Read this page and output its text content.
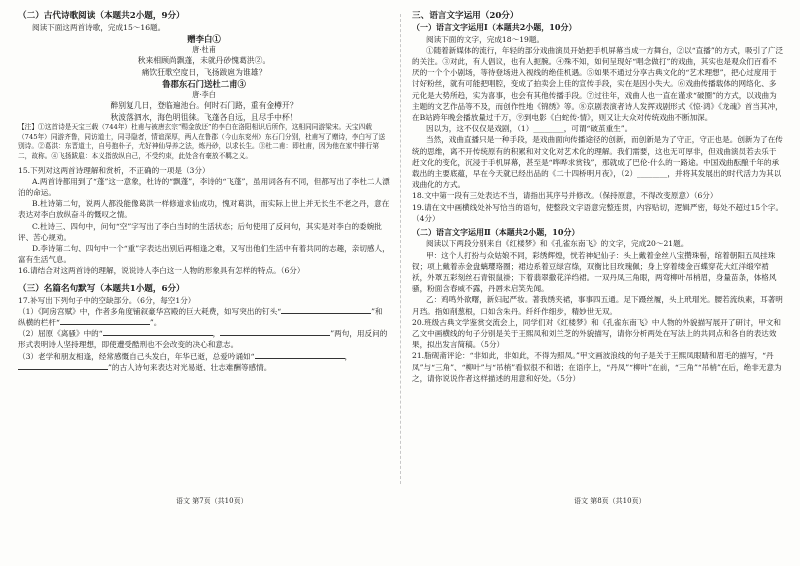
（二）古代诗歌阅读（本题共2小题，9分）
阅读下面这两首诗歌，完成15～16题。
赠李白①
唐·杜甫
秋来相顾尚飘蓬，未就丹砂愧葛洪②。
痛饮狂歌空度日，飞扬跋扈为谁雄？
鲁郡东石门送杜二甫③
唐·李白
醉别复几日，登临遍池台。何时石门路，重有金樽开？
秋波落泗水，海色明徂徕。飞蓬各自远，且尽手中杯！
【注】①这首诗是天宝三载（744年）杜甫与被唐玄宗“赐金放还”的李白在洛阳相识后所作，这相同同游梁宋。天宝四载（745年）同游齐鲁，同访道士，同寻隐者，情谊深厚，两人在鲁郡（今山东兖州）东石门分别，杜甫写了赠诗，李白写了送别诗。②葛洪：东晋道士，自号抱朴子，尤好神仙导养之法，炼丹砂，以求长生。③杜二甫：即杜甫，因为他在家中排行第二，故称。④飞扬跋扈：本义指放纵自己，不受约束，此处含有豪放不羁之义。
15.下列对这两首诗理解和赏析，不正确的一项是（3分）
A.两首诗都用到了“蓬”这一意象，杜诗的“飘蓬”，李诗的“飞蓬”，虽用词各有不同，但都写出了李杜二人漂泊的命运。
B.杜诗第二句，说两人都没能像葛洪一样修道求仙成功，愧对葛洪，而实际上世上并无长生不老之丹，意在表达对李白放纵奋斗的慨叹之情。
C.杜诗三、四句中，问句“空”字写出了李白当时的生活状态；后句使用了反问句，其实是对李白的委婉批评、苦心规劝。
D.李诗第二句、四句中一个“重”字表达出别后再相逢之难，又写出他们生活中有着共同的志趣，亲切感人，富有生活气息。
16.请结合对这两首诗的理解，说说诗人李白这一人物的形象具有怎样的特点。（6分）
（三）名篇名句默写（本题共1小题，6分）
17.补写出下列句子中的空缺部分。（6分，每空1分）
（1）《阿房宫赋》中，作者多角度铺叙豪华宫殿的巨大耗费，如写突出的钉头“	”和纵横的栏杆“	”。
（2）屈原《离骚》中的“	，	”两句，用反问的形式表明诗人坚持理想，即使遭受酷刑也不会改变的决心和意志。
（3）老学和朋友相逢，经常感慨自己头发白，年华已逝，总爱吟诵如“	，”的古人诗句来表达对光易逝、壮志难酬等感情。
三、语言文字运用（20分）
（一）语言文字运用Ⅰ（本题共2小题，10分）
阅读下面的文字，完成18～19题。
①随着新媒体的流行，年轻的部分戏曲演员开始把手机屏幕当成一方舞台，②以“直播”的方式，吸引了广泛的关注。③对此，有人倡议，也有人扼腕。④殊不知，如何呈现好“唱念做打”的戏曲，其实也是观众们百看不厌的一个个小剧场，等待登场进入视线的绝佳机遇。⑤如果不通过分享古典文化的“艺术理想”，把心过度用于讨好粉丝，就有可能把唱腔，变成了拍卖会上佳的宣传手段，实在是因小失大。⑥戏曲传播载体的网络化、多元化是大势所趋，实为喜事，也会有其他传播手段。⑦过往年，戏曲人也一直在谨求“破圈”的方式，以戏曲为主题的文艺作品等不及，而创作性地《锦绣》等。⑧京剧表演者诗人发挥戏剧形式《惊·鸿》《龙魂》首当其冲，在B站跨年晚会播放量过千万，⑨到电影《白蛇传·情》，则又让大众对传统戏曲不断加深。
因以为，这不仅仅是戏剧，（1）________，可谓“破茧重生”。
当然，戏曲直播只是一种手段，是戏曲面向传播途径的创新，而创新是为了守正，守正也是。创新为了在传统的思维，离不开传统原有的积累和对文化对艺术化的理解。我们需要，这也无可厚非，但戏曲演员若去乐于赶文化的变化，沉浸于手机屏幕，甚至是“哗哗求赏钱”，那就成了巴伦·什么的一路途。中国戏曲酝酿千年的承载出的主要底蕴，早在今天就已经出品的《二十四桥明月夜》，（2）________，并将其发展出的时代活力为其以戏曲化的方式。
18.文中第一段有三处表达不当，请指出其序号并修改。（保持原意，不得改变原意）（6分）
19.请在文中画横线处补写恰当的语句，使整段文字语意完整连贯，内容贴切，逻辑严密，每处不超过15个字。（4分）
（二）语言文字运用Ⅱ（本题共2小题，10分）
阅读以下两段分别来自《红楼梦》和《孔雀东南飞》的文字，完成20～21题。
甲：这个人打扮与众姑娘不同，彩绣辉煌，恍若神妃仙子：头上戴着金丝八宝攒珠髻，绾着朝阳五凤挂珠钗；项上戴着赤金盘螭璎珞圈；裙边系着豆绿宫绦，双衡比目玫瑰佩；身上穿着缕金百蝶穿花大红洋缎窄褃袄，外罩五彩刻丝石青银鼠褂；下着翡翠撒花洋绉裙。一双丹凤三角眼，两弯柳叶吊梢眉，身量苗条，体格风骚，粉面含春威不露，丹唇未启笑先闻。
乙：鸡鸣外欲曙，新妇起严妆。著我绣夹裙，事事四五通。足下蹑丝履，头上玳瑁光。腰若流纨素，耳著明月珰。指如削葱根，口如含朱丹。纤纤作细步，精妙世无双。
20.班级古典文学鉴赏交流会上，同学们对《红楼梦》和《孔雀东南飞》中人物的外貌描写展开了研讨，甲文和乙文中画横线的句子分别是关于王熙凤和刘兰芝的外貌描写，请你分析两处在写法上的共同点和各自的表达效果，拟出发言简稿。（5分）
21.脂砚斋评论：“非如此，非如此，不得为照凤。”甲文画波浪线的句子是关于王熙凤眼睛和眉毛的描写，“丹凤”与“三角”、“柳叶”与“吊梢”看似很不和谐；在语序上，“丹凤”“柳叶”在前，“三角”“吊梢”在后，绝非无意为之，请你说说作者这样描述的用意和好处。（5分）
语文 第7页（共10页）	语文 第8页（共10页）
